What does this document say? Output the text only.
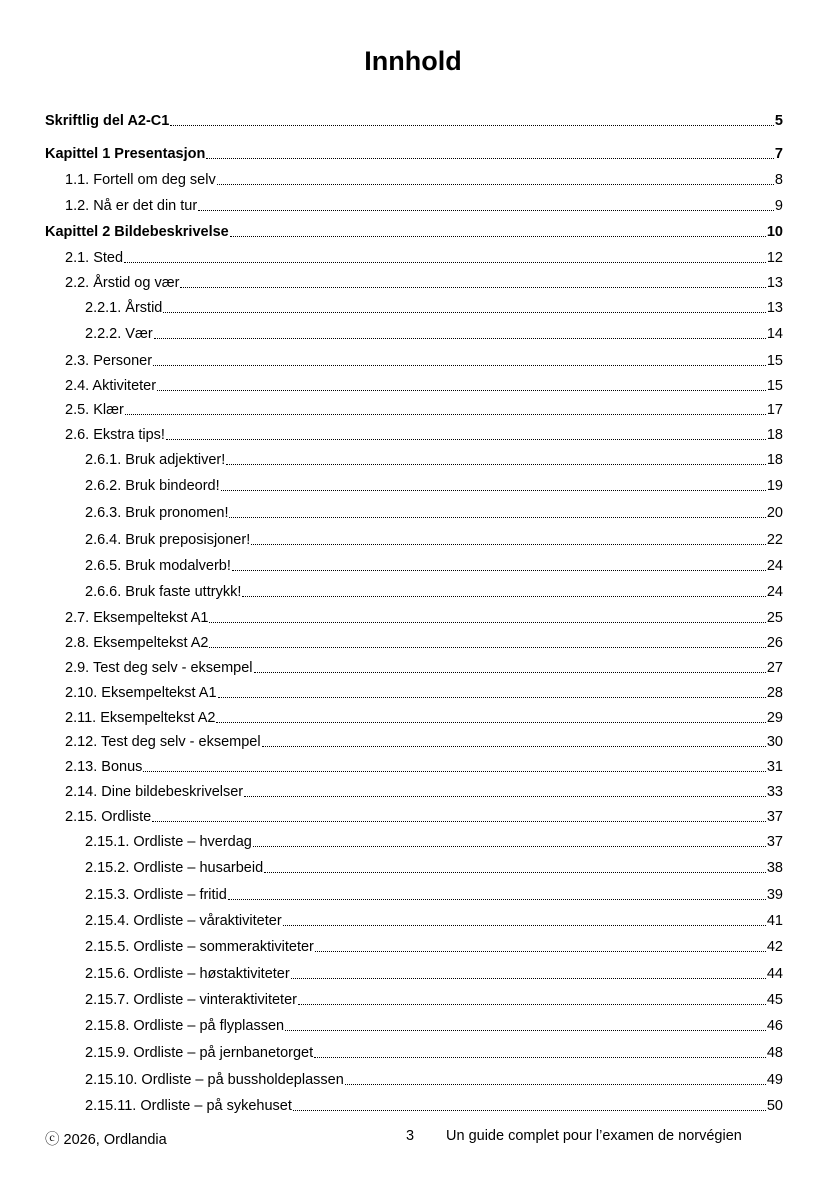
Innhold
Skriftlig del A2-C1	5
Kapittel 1 Presentasjon	7
1.1. Fortell om deg selv	8
1.2. Nå er det din tur	9
Kapittel 2 Bildebeskrivelse	10
2.1. Sted	12
2.2. Årstid og vær	13
2.2.1. Årstid	13
2.2.2. Vær	14
2.3. Personer	15
2.4. Aktiviteter	15
2.5. Klær	17
2.6. Ekstra tips!	18
2.6.1. Bruk adjektiver!	18
2.6.2. Bruk bindeord!	19
2.6.3. Bruk pronomen!	20
2.6.4. Bruk preposisjoner!	22
2.6.5. Bruk modalverb!	24
2.6.6. Bruk faste uttrykk!	24
2.7. Eksempeltekst A1	25
2.8. Eksempeltekst A2	26
2.9. Test deg selv - eksempel	27
2.10. Eksempeltekst A1	28
2.11. Eksempeltekst A2	29
2.12. Test deg selv - eksempel	30
2.13. Bonus	31
2.14. Dine bildebeskrivelser	33
2.15. Ordliste	37
2.15.1. Ordliste – hverdag	37
2.15.2. Ordliste – husarbeid	38
2.15.3. Ordliste – fritid	39
2.15.4. Ordliste – våraktiviteter	41
2.15.5. Ordliste – sommeraktiviteter	42
2.15.6. Ordliste – høstaktiviteter	44
2.15.7. Ordliste – vinteraktiviteter	45
2.15.8. Ordliste – på flyplassen	46
2.15.9. Ordliste – på jernbanetorget	48
2.15.10. Ordliste – på bussholdeplassen	49
2.15.11. Ordliste – på sykehuset	50
ⓒ 2026, Ordlandia	3 Un guide complet pour l’examen de norvégien
